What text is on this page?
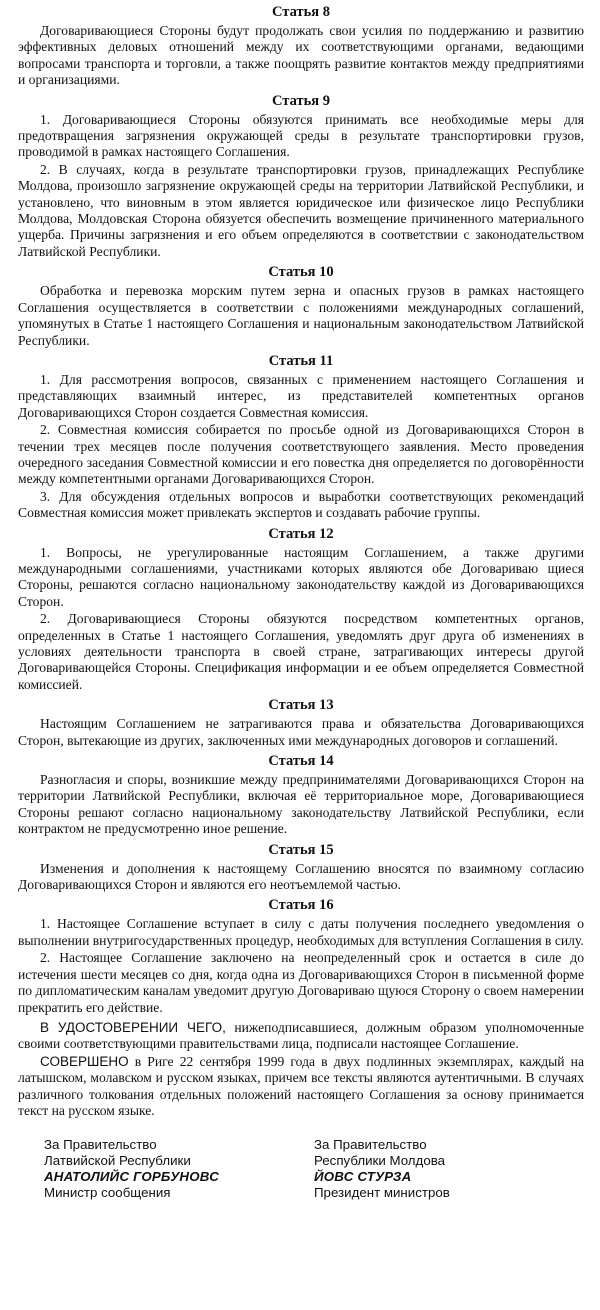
Статья 8

Договаривающиеся Стороны будут продолжать свои усилия по поддержанию и развитию эффективных деловых отношений между их соответствующими органами, ведающими вопросами транспорта и торговли, а также поощрять развитие контактов между предприятиями и организациями.

Статья 9

1. Договаривающиеся Стороны обязуются принимать все необходимые меры для предотвращения загрязнения окружающей среды в результате транспортировки грузов, проводимой в рамках настоящего Соглашения.

2. В случаях, когда в результате транспортировки грузов, принадлежащих Республике Молдова, произошло загрязнение окружающей среды на территории Латвийской Республики, и установлено, что виновным в этом является юридическое или физическое лицо Республики Молдова, Молдовская Сторона обязуется обеспечить возмещение причиненного материального ущерба. Причины загрязнения и его объем определяются в соответствии с законодательством Латвийской Республики.

Статья 10

Обработка и перевозка морским путем зерна и опасных грузов в рамках настоящего Соглашения осуществляется в соответствии с положениями международных соглашений, упомянутых в Статье 1 настоящего Соглашения и национальным законодательством Латвийской Республики.

Статья 11

1. Для рассмотрения вопросов, связанных с применением настоящего Соглашения и представляющих взаимный интерес, из представителей компетентных органов Договаривающихся Сторон создается Совместная комиссия.

2. Совместная комиссия собирается по просьбе одной из Договаривающихся Сторон в течении трех месяцев после получения соответствующего заявления. Место проведения очередного заседания Совместной комиссии и его повестка дня определяется по договорённости между компетентными органами Договаривающихся Сторон.

3. Для обсуждения отдельных вопросов и выработки соответствующих рекомендаций Совместная комиссия может привлекать экспертов и создавать рабочие группы.

Статья 12

1. Вопросы, не урегулированные настоящим Соглашением, а также другими международными соглашениями, участниками которых являются обе Договариваю щиеся Стороны, решаются согласно национальному законодательству каждой из Договаривающихся Сторон.

2. Договаривающиеся Стороны обязуются посредством компетентных органов, определенных в Статье 1 настоящего Соглашения, уведомлять друг друга об изменениях в условиях деятельности транспорта в своей стране, затрагивающих интересы другой Договаривающейся Стороны. Спецификация информации и ее объем определяется Совместной комиссией.

Статья 13

Настоящим Соглашением не затрагиваются права и обязательства Договаривающихся Сторон, вытекающие из других, заключенных ими международных договоров и соглашений.

Статья 14

Разногласия и споры, возникшие между предпринимателями Договаривающихся Сторон на территории Латвийской Республики, включая её территориальное море, Договаривающиеся Стороны решают согласно национальному законодательству Латвийской Республики, если контрактом не предусмотренно иное решение.

Статья 15

Изменения и дополнения к настоящему Соглашению вносятся по взаимному согласию Договаривающихся Сторон и являются его неотъемлемой частью.

Статья 16

1. Настоящее Соглашение вступает в силу с даты получения последнего уведомления о выполнении внутригосударственных процедур, необходимых для вступления Соглашения в силу.

2. Настоящее Соглашение заключено на неопределенный срок и остается в силе до истечения шести месяцев со дня, когда одна из Договаривающихся Сторон в письменной форме по дипломатическим каналам уведомит другую Договариваю щуюся Сторону о своем намерении прекратить его действие.

В УДОСТОВЕРЕНИИ ЧЕГО, нижеподписавшиеся, должным образом уполномоченные своими соответствующими правительствами лица, подписали настоящее Соглашение.

СОВЕРШЕНО в Риге 22 сентября 1999 года в двух подлинных экземплярах, каждый на латышском, молавском и русском языках, причем все тексты являются аутентичными. В случаях различного толкования отдельных положений настоящего Соглашения за основу принимается текст на русском языке.

За Правительство
Латвийской Республики
АНАТОЛИЙС ГОРБУНОВС
Министр сообщения
За Правительство
Республики Молдова
ЙОВС СТУРЗА
Президент министров
